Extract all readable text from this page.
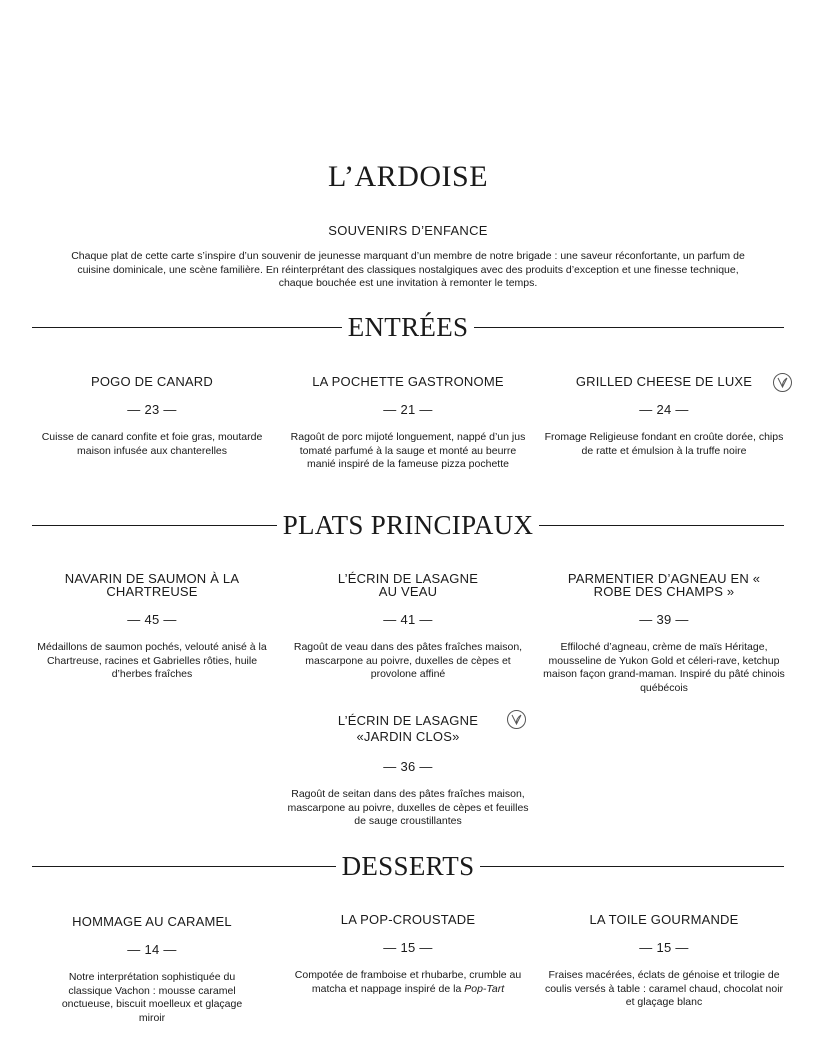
L’ARDOISE
SOUVENIRS D’ENFANCE
Chaque plat de cette carte s’inspire d’un souvenir de jeunesse marquant d’un membre de notre brigade : une saveur réconfortante, un parfum de cuisine dominicale, une scène familière. En réinterprétant des classiques nostalgiques avec des produits d’exception et une finesse technique, chaque bouchée est une invitation à remonter le temps.
ENTRÉES
POGO DE CANARD
— 23 —
Cuisse de canard confite et foie gras, moutarde maison infusée aux chanterelles
LA POCHETTE GASTRONOME
— 21 —
Ragoût de porc mijoté longuement, nappé d’un jus tomaté parfumé à la sauge et monté au beurre manié inspiré de la fameuse pizza pochette
GRILLED CHEESE DE LUXE
— 24 —
Fromage Religieuse fondant en croûte dorée, chips de ratte et émulsion à la truffe noire
PLATS PRINCIPAUX
NAVARIN DE SAUMON À LA CHARTREUSE
— 45 —
Médaillons de saumon pochés, velouté anisé à la Chartreuse, racines et Gabrielles rôties, huile d’herbes fraîches
L’ÉCRIN DE LASAGNE AU VEAU
— 41 —
Ragoût de veau dans des pâtes fraîches maison, mascarpone au poivre, duxelles de cèpes et provolone affiné
PARMENTIER D’AGNEAU EN « ROBE DES CHAMPS »
— 39 —
Effiloché d’agneau, crème de maïs Héritage, mousseline de Yukon Gold et céleri-rave, ketchup maison façon grand-maman. Inspiré du pâté chinois québécois
L’ÉCRIN DE LASAGNE «JARDIN CLOS»
— 36 —
Ragoût de seitan dans des pâtes fraîches maison, mascarpone au poivre, duxelles de cèpes et feuilles de sauge croustillantes
DESSERTS
HOMMAGE AU CARAMEL
— 14 —
Notre interprétation sophistiquée du classique Vachon : mousse caramel onctueuse, biscuit moelleux et glaçage miroir
LA POP-CROUSTADE
— 15 —
Compotée de framboise et rhubarbe, crumble au matcha et nappage inspiré de la Pop-Tart
LA TOILE GOURMANDE
— 15 —
Fraises macérées, éclats de génoise et trilogie de coulis versés à table : caramel chaud, chocolat noir et glaçage blanc
